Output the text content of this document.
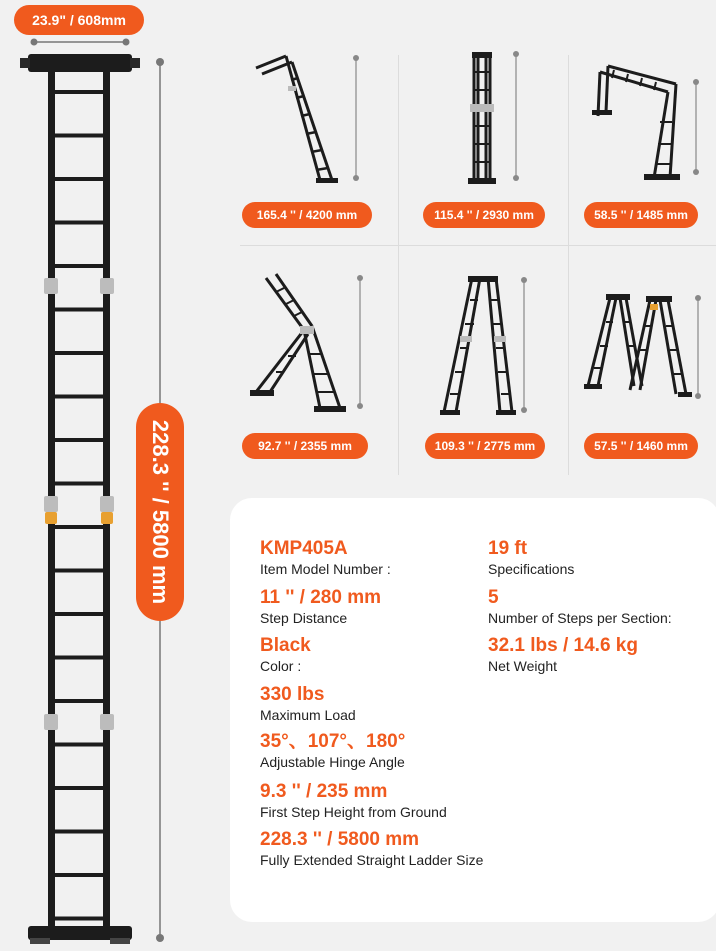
23.9" / 608mm
228.3 '' / 5800 mm
165.4 '' / 4200 mm	115.4 '' / 2930 mm	58.5 '' / 1485 mm
92.7 '' / 2355 mm	109.3 '' / 2775 mm	57.5 '' / 1460 mm
KMP405A
Item Model Number :
19 ft
Specifications
11 '' / 280 mm
Step Distance
5
Number of Steps per Section:
Black
Color :
32.1 lbs / 14.6 kg
Net Weight
330 lbs
Maximum Load
35°、107°、180°
Adjustable Hinge Angle
9.3 '' / 235 mm
First Step Height from Ground
228.3 '' / 5800 mm
Fully Extended Straight Ladder Size
